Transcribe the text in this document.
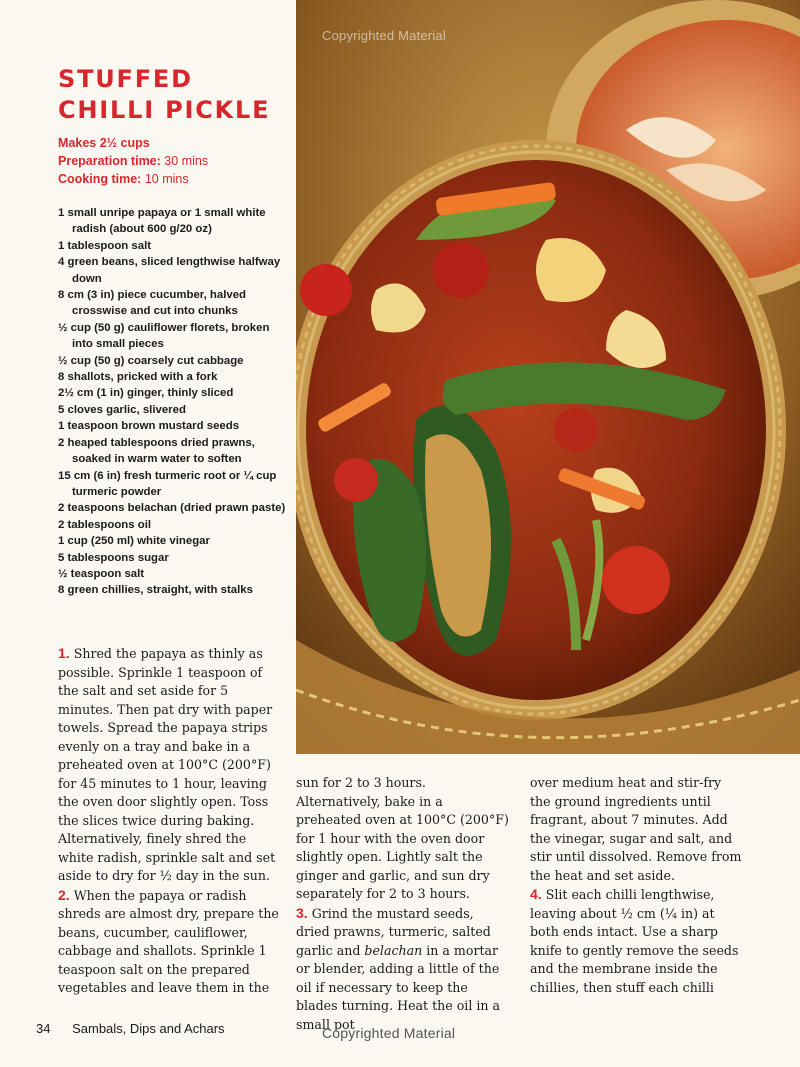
Copyrighted Material
STUFFED CHILLI PICKLE
Makes 2½ cups
Preparation time: 30 mins
Cooking time: 10 mins
1 small unripe papaya or 1 small white radish (about 600 g/20 oz)
1 tablespoon salt
4 green beans, sliced lengthwise halfway down
8 cm (3 in) piece cucumber, halved crosswise and cut into chunks
½ cup (50 g) cauliflower florets, broken into small pieces
½ cup (50 g) coarsely cut cabbage
8 shallots, pricked with a fork
2½ cm (1 in) ginger, thinly sliced
5 cloves garlic, slivered
1 teaspoon brown mustard seeds
2 heaped tablespoons dried prawns, soaked in warm water to soften
15 cm (6 in) fresh turmeric root or ¼ cup turmeric powder
2 teaspoons belachan (dried prawn paste)
2 tablespoons oil
1 cup (250 ml) white vinegar
5 tablespoons sugar
½ teaspoon salt
8 green chillies, straight, with stalks

1. Shred the papaya as thinly as possible. Sprinkle 1 teaspoon of the salt and set aside for 5 minutes. Then pat dry with paper towels. Spread the papaya strips evenly on a tray and bake in a preheated oven at 100°C (200°F) for 45 minutes to 1 hour, leaving the oven door slightly open. Toss the slices twice during baking. Alternatively, finely shred the white radish, sprinkle salt and set aside to dry for ½ day in the sun.

2. When the papaya or radish shreds are almost dry, prepare the beans, cucumber, cauliflower, cabbage and shallots. Sprinkle 1 teaspoon salt on the prepared vegetables and leave them in the

sun for 2 to 3 hours. Alternatively, bake in a preheated oven at 100°C (200°F) for 1 hour with the oven door slightly open. Lightly salt the ginger and garlic, and sun dry separately for 2 to 3 hours.

3. Grind the mustard seeds, dried prawns, turmeric, salted garlic and belachan in a mortar or blender, adding a little of the oil if necessary to keep the blades turning. Heat the oil in a small pot

over medium heat and stir-fry the ground ingredients until fragrant, about 7 minutes. Add the vinegar, sugar and salt, and stir until dissolved. Remove from the heat and set aside.

4. Slit each chilli lengthwise, leaving about ½ cm (¼ in) at both ends intact. Use a sharp knife to gently remove the seeds and the membrane inside the chillies, then stuff each chilli

34 Sambals, Dips and Achars	Copyrighted Material
